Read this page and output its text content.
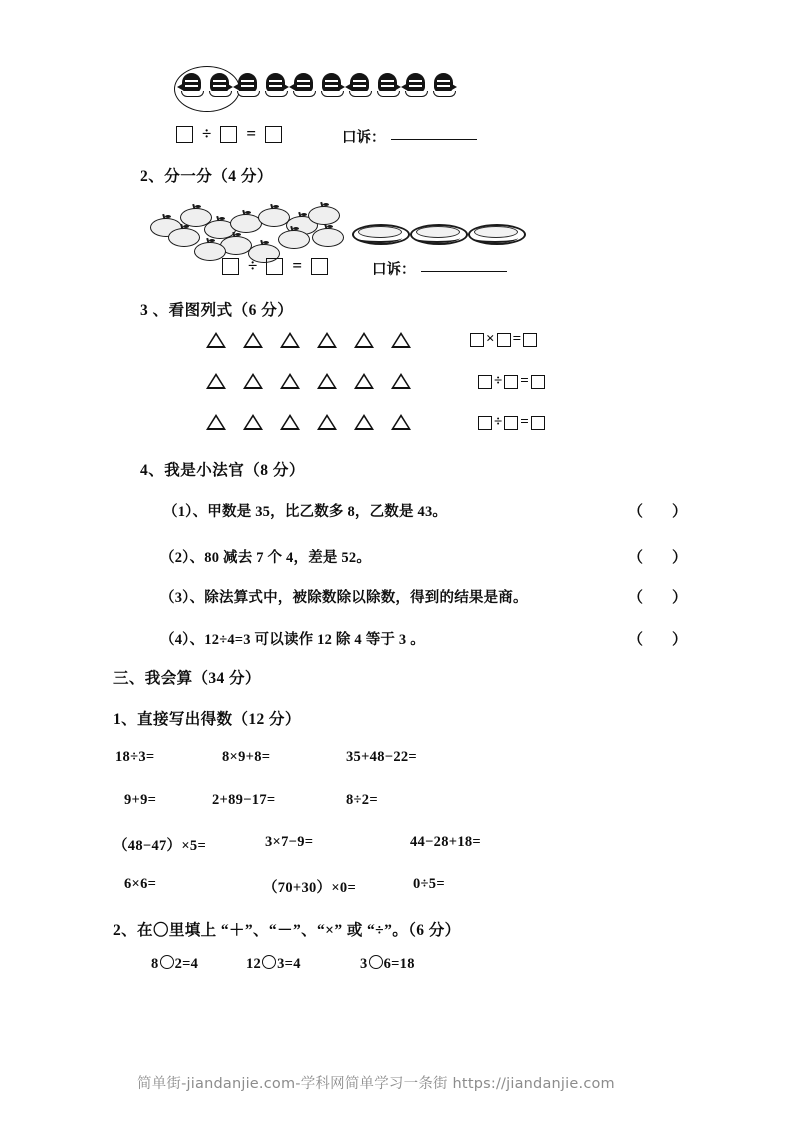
÷ =	口诉：
2、分一分（4 分）
÷ =	口诉：
3 、看图列式（6 分）
× =
÷ =
÷ =
4、我是小法官（8 分）
（1）、甲数是 35，比乙数多 8，乙数是 43。	（　）
（2）、80 减去 7 个 4，差是 52。	（　）
（3）、除法算式中，被除数除以除数，得到的结果是商。	（　）
（4）、12÷4=3 可以读作 12 除 4 等于 3 。	（　）
三、我会算（34 分）
1、直接写出得数（12 分）
18÷3=	8×9+8=	35+48−22=
9+9=	2+89−17=	8÷2=
（48−47）×5=	3×7−9=	44−28+18=
6×6=	（70+30）×0=	0÷5=
2、在〇里填上 “＋”、“－”、“×” 或 “÷”。（6 分）
8 2=4	12 3=4	3 6=18
简单街-jiandanjie.com-学科网简单学习一条街 https://jiandanjie.com
